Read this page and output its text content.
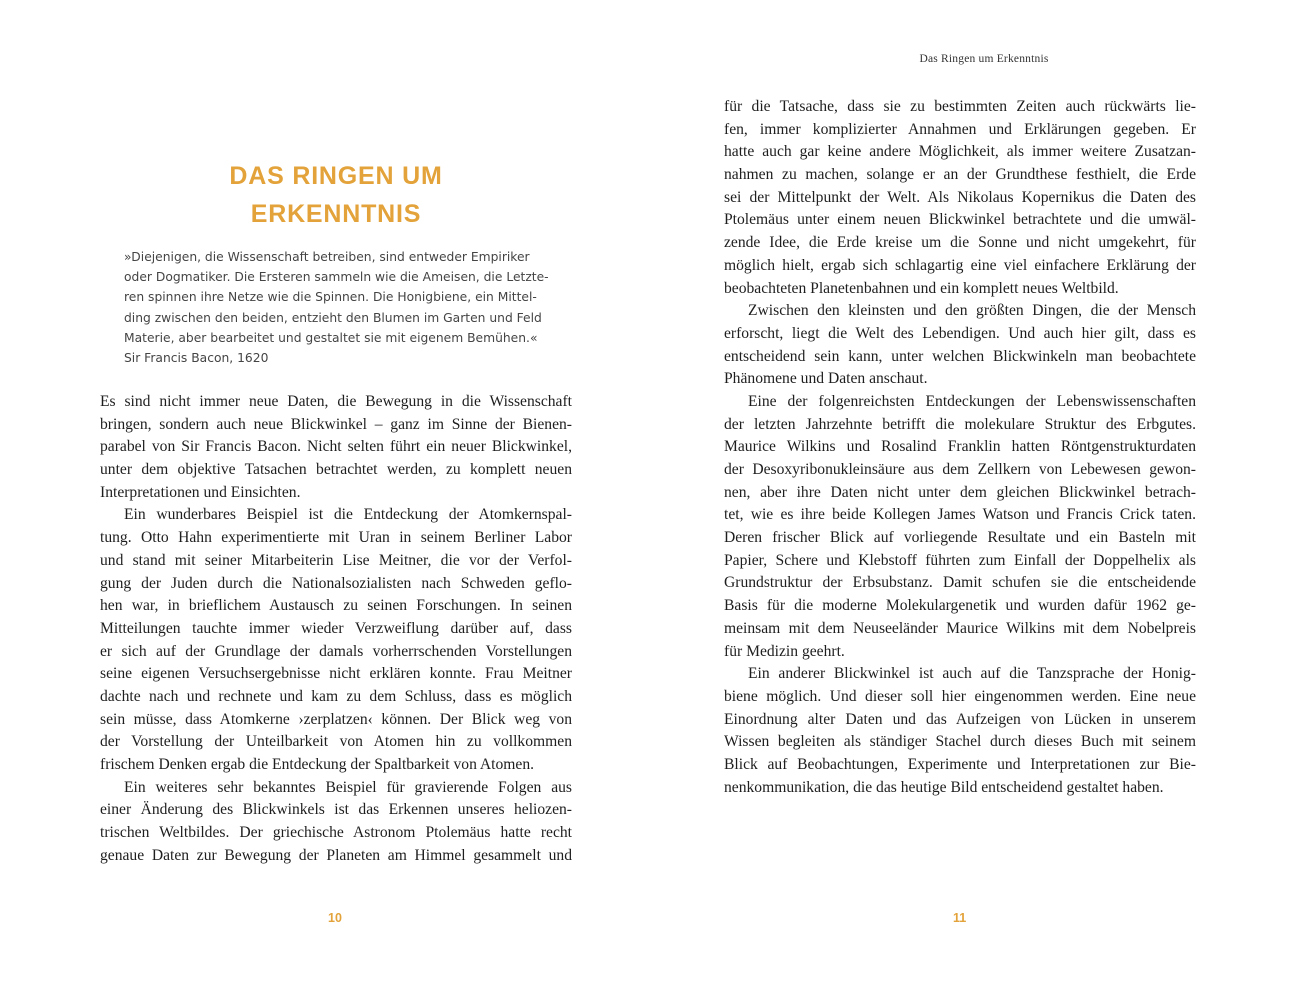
DAS RINGEN UM
ERKENNTNIS
»Diejenigen, die Wissenschaft betreiben, sind entweder Empiriker
oder Dogmatiker. Die Ersteren sammeln wie die Ameisen, die Letzte-
ren spinnen ihre Netze wie die Spinnen. Die Honigbiene, ein Mittel-
ding zwischen den beiden, entzieht den Blumen im Garten und Feld
Materie, aber bearbeitet und gestaltet sie mit eigenem Bemühen.«
Sir Francis Bacon, 1620
Es sind nicht immer neue Daten, die Bewegung in die Wissenschaft
bringen, sondern auch neue Blickwinkel – ganz im Sinne der Bienen-
parabel von Sir Francis Bacon. Nicht selten führt ein neuer Blickwinkel,
unter dem objektive Tatsachen betrachtet werden, zu komplett neuen
Interpretationen und Einsichten.
Ein wunderbares Beispiel ist die Entdeckung der Atomkernspal-
tung. Otto Hahn experimentierte mit Uran in seinem Berliner Labor
und stand mit seiner Mitarbeiterin Lise Meitner, die vor der Verfol-
gung der Juden durch die Nationalsozialisten nach Schweden geflo-
hen war, in brieflichem Austausch zu seinen Forschungen. In seinen
Mitteilungen tauchte immer wieder Verzweiflung darüber auf, dass
er sich auf der Grundlage der damals vorherrschenden Vorstellungen
seine eigenen Versuchsergebnisse nicht erklären konnte. Frau Meitner
dachte nach und rechnete und kam zu dem Schluss, dass es möglich
sein müsse, dass Atomkerne ›zerplatzen‹ können. Der Blick weg von
der Vorstellung der Unteilbarkeit von Atomen hin zu vollkommen
frischem Denken ergab die Entdeckung der Spaltbarkeit von Atomen.
Ein weiteres sehr bekanntes Beispiel für gravierende Folgen aus
einer Änderung des Blickwinkels ist das Erkennen unseres heliozen-
trischen Weltbildes. Der griechische Astronom Ptolemäus hatte recht
genaue Daten zur Bewegung der Planeten am Himmel gesammelt und
10
Das Ringen um Erkenntnis
für die Tatsache, dass sie zu bestimmten Zeiten auch rückwärts lie-
fen, immer komplizierter Annahmen und Erklärungen gegeben. Er
hatte auch gar keine andere Möglichkeit, als immer weitere Zusatzan-
nahmen zu machen, solange er an der Grundthese festhielt, die Erde
sei der Mittelpunkt der Welt. Als Nikolaus Kopernikus die Daten des
Ptolemäus unter einem neuen Blickwinkel betrachtete und die umwäl-
zende Idee, die Erde kreise um die Sonne und nicht umgekehrt, für
möglich hielt, ergab sich schlagartig eine viel einfachere Erklärung der
beobachteten Planetenbahnen und ein komplett neues Weltbild.
Zwischen den kleinsten und den größten Dingen, die der Mensch
erforscht, liegt die Welt des Lebendigen. Und auch hier gilt, dass es
entscheidend sein kann, unter welchen Blickwinkeln man beobachtete
Phänomene und Daten anschaut.
Eine der folgenreichsten Entdeckungen der Lebenswissenschaften
der letzten Jahrzehnte betrifft die molekulare Struktur des Erbgutes.
Maurice Wilkins und Rosalind Franklin hatten Röntgenstrukturdaten
der Desoxyribonukleinsäure aus dem Zellkern von Lebewesen gewon-
nen, aber ihre Daten nicht unter dem gleichen Blickwinkel betrach-
tet, wie es ihre beide Kollegen James Watson und Francis Crick taten.
Deren frischer Blick auf vorliegende Resultate und ein Basteln mit
Papier, Schere und Klebstoff führten zum Einfall der Doppelhelix als
Grundstruktur der Erbsubstanz. Damit schufen sie die entscheidende
Basis für die moderne Molekulargenetik und wurden dafür 1962 ge-
meinsam mit dem Neuseeländer Maurice Wilkins mit dem Nobelpreis
für Medizin geehrt.
Ein anderer Blickwinkel ist auch auf die Tanzsprache der Honig-
biene möglich. Und dieser soll hier eingenommen werden. Eine neue
Einordnung alter Daten und das Aufzeigen von Lücken in unserem
Wissen begleiten als ständiger Stachel durch dieses Buch mit seinem
Blick auf Beobachtungen, Experimente und Interpretationen zur Bie-
nenkommunikation, die das heutige Bild entscheidend gestaltet haben.
11
